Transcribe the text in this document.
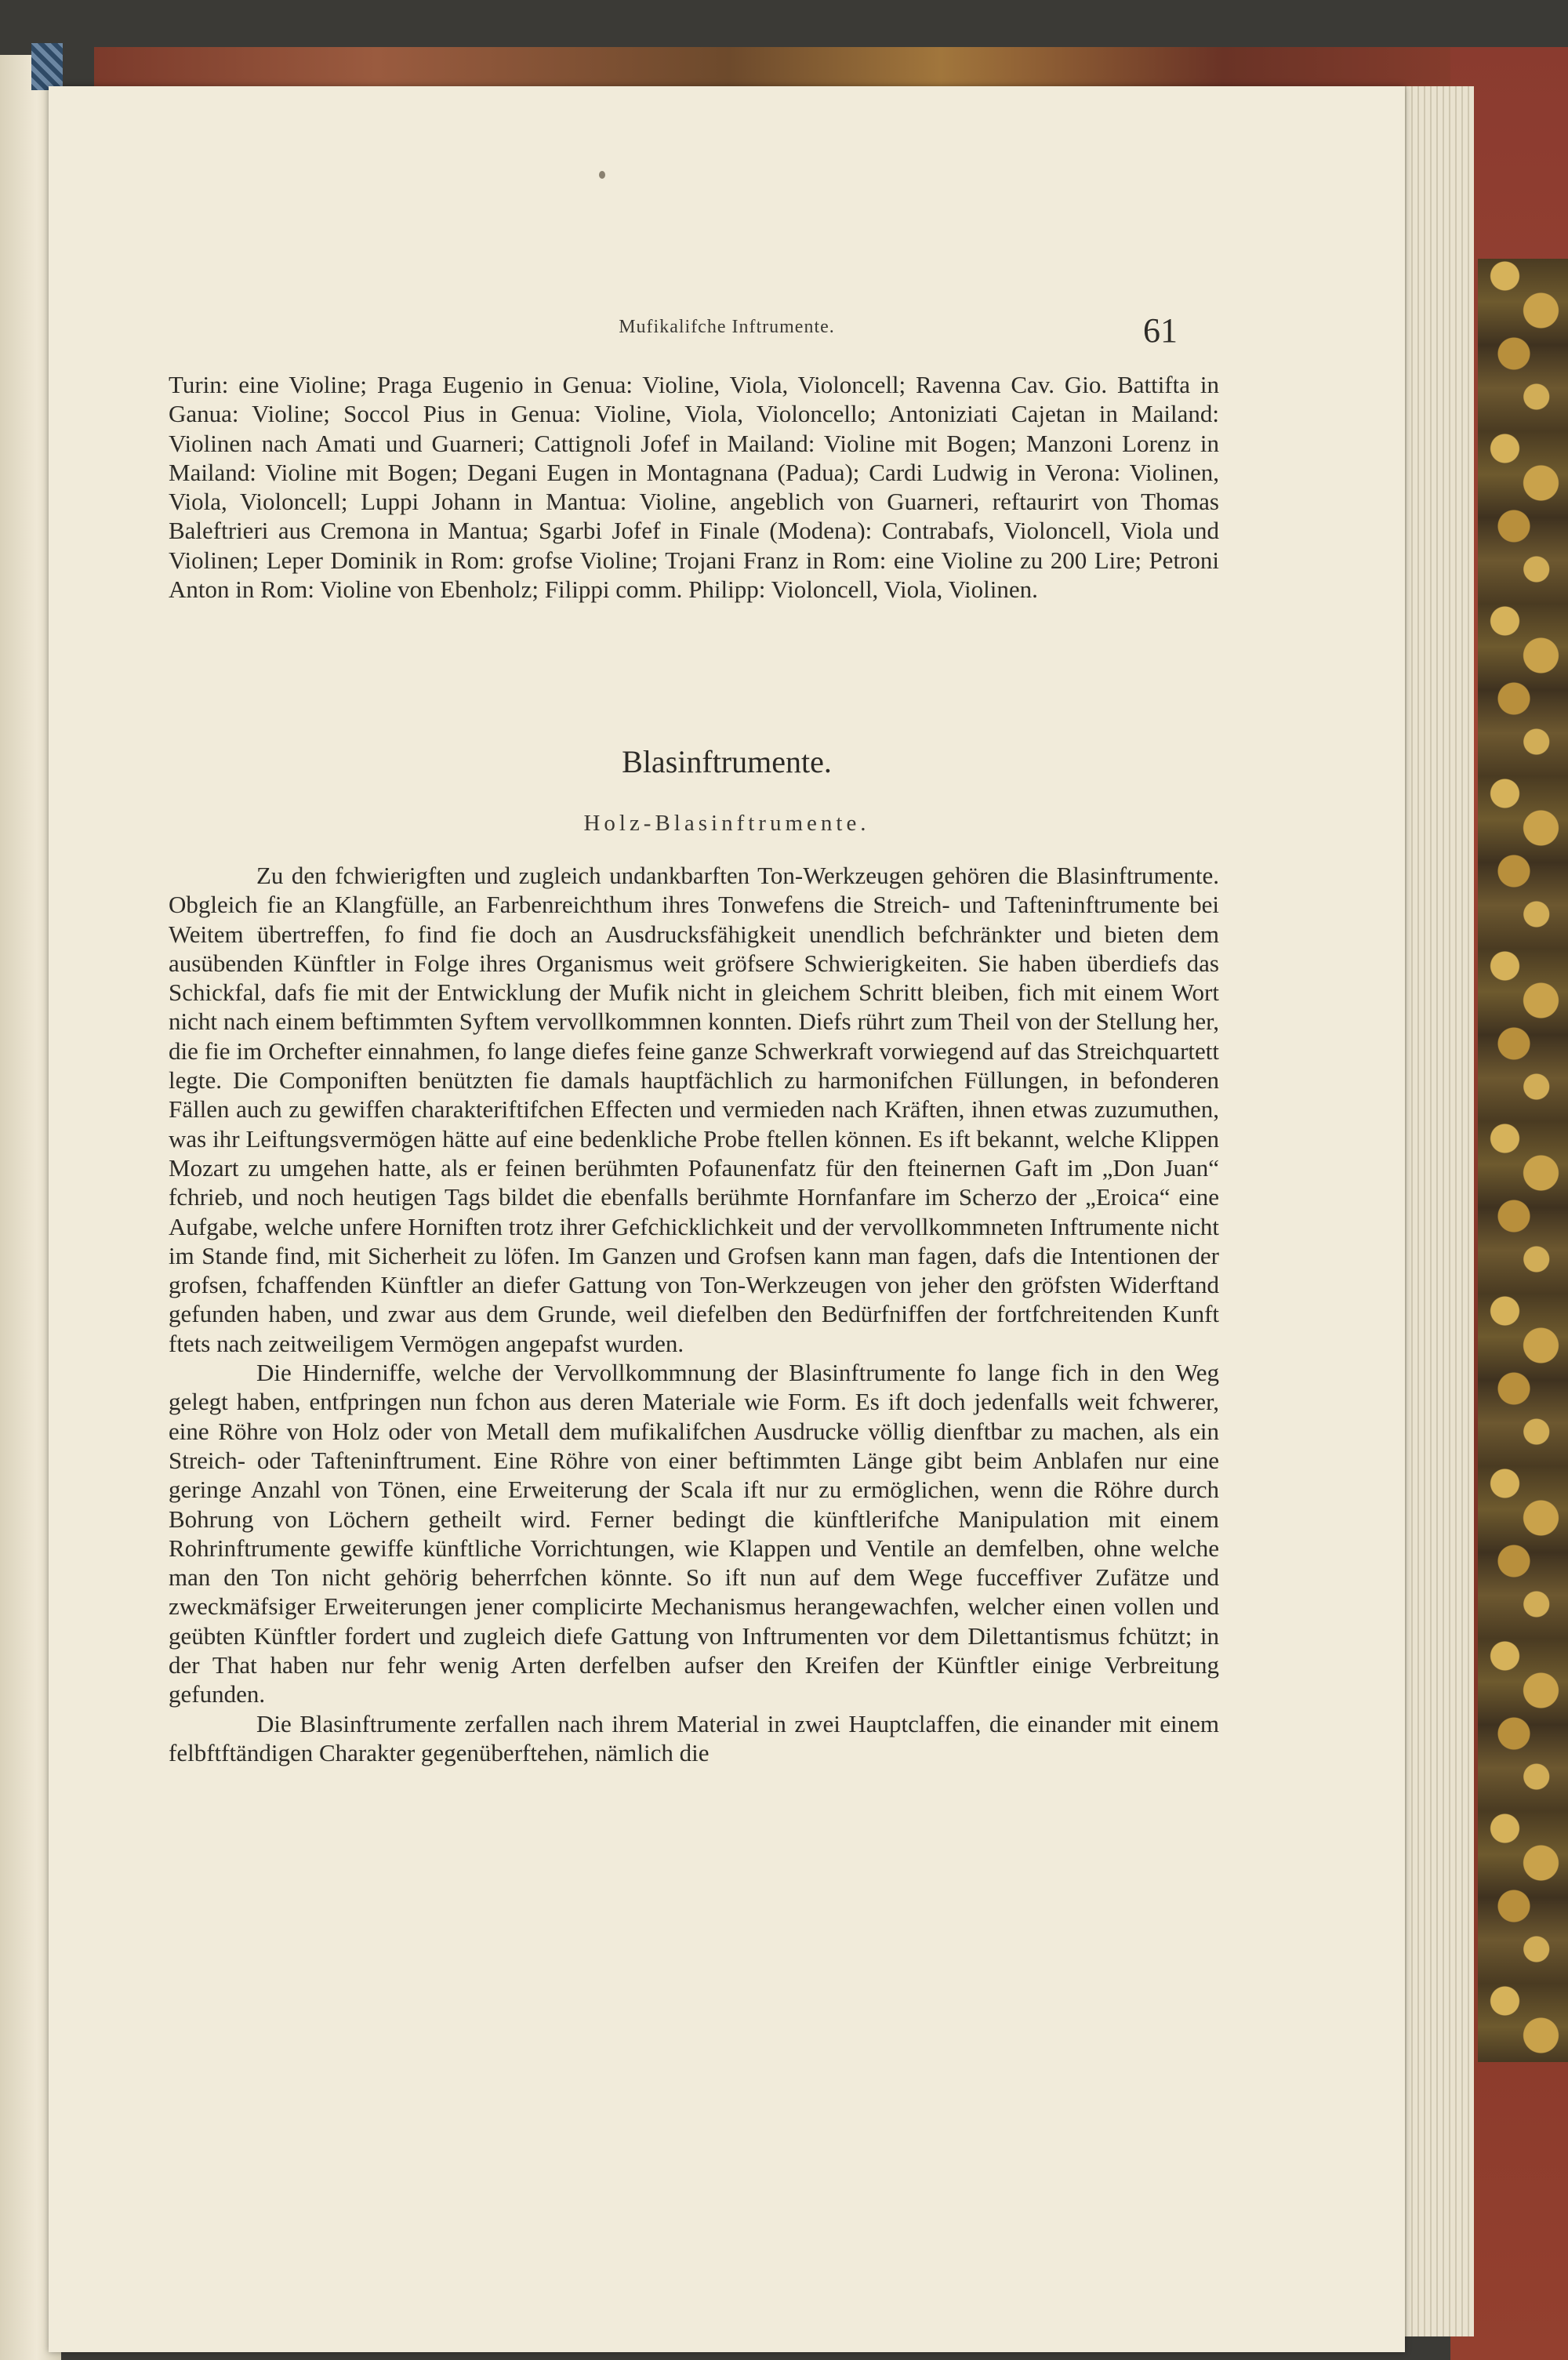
Mufikalifche Inftrumente.	61

Turin: eine Violine; Praga Eugenio in Genua: Violine, Viola, Violoncell; Ravenna Cav. Gio. Battifta in Ganua: Violine; Soccol Pius in Genua: Violine, Viola, Violoncello; Antoniziati Cajetan in Mailand: Violinen nach Amati und Guarneri; Cattignoli Jofef in Mailand: Violine mit Bogen; Manzoni Lorenz in Mailand: Violine mit Bogen; Degani Eugen in Montagnana (Padua); Cardi Ludwig in Verona: Violinen, Viola, Violoncell; Luppi Johann in Mantua: Violine, angeblich von Guarneri, reftaurirt von Thomas Baleftrieri aus Cremona in Mantua; Sgarbi Jofef in Finale (Modena): Contrabafs, Violoncell, Viola und Violinen; Leper Dominik in Rom: grofse Violine; Trojani Franz in Rom: eine Violine zu 200 Lire; Petroni Anton in Rom: Violine von Ebenholz; Filippi comm. Philipp: Violoncell, Viola, Violinen.

Blasinftrumente.
Holz-Blasinftrumente.

Zu den fchwierigften und zugleich undankbarften Ton-Werkzeugen gehören die Blasinftrumente. Obgleich fie an Klangfülle, an Farbenreichthum ihres Tonwefens die Streich- und Tafteninftrumente bei Weitem übertreffen, fo find fie doch an Ausdrucksfähigkeit unendlich befchränkter und bieten dem ausübenden Künftler in Folge ihres Organismus weit gröfsere Schwierigkeiten. Sie haben überdiefs das Schickfal, dafs fie mit der Entwicklung der Mufik nicht in gleichem Schritt bleiben, fich mit einem Wort nicht nach einem beftimmten Syftem vervollkommnen konnten. Diefs rührt zum Theil von der Stellung her, die fie im Orchefter einnahmen, fo lange diefes feine ganze Schwerkraft vorwiegend auf das Streichquartett legte. Die Componiften benützten fie damals hauptfächlich zu harmonifchen Füllungen, in befonderen Fällen auch zu gewiffen charakteriftifchen Effecten und vermieden nach Kräften, ihnen etwas zuzumuthen, was ihr Leiftungsvermögen hätte auf eine bedenkliche Probe ftellen können. Es ift bekannt, welche Klippen Mozart zu umgehen hatte, als er feinen berühmten Pofaunenfatz für den fteinernen Gaft im „Don Juan“ fchrieb, und noch heutigen Tags bildet die ebenfalls berühmte Hornfanfare im Scherzo der „Eroica“ eine Aufgabe, welche unfere Horniften trotz ihrer Gefchicklichkeit und der vervollkommneten Inftrumente nicht im Stande find, mit Sicherheit zu löfen. Im Ganzen und Grofsen kann man fagen, dafs die Intentionen der grofsen, fchaffenden Künftler an diefer Gattung von Ton-Werkzeugen von jeher den gröfsten Widerftand gefunden haben, und zwar aus dem Grunde, weil diefelben den Bedürfniffen der fortfchreitenden Kunft ftets nach zeitweiligem Vermögen angepafst wurden.

Die Hinderniffe, welche der Vervollkommnung der Blasinftrumente fo lange fich in den Weg gelegt haben, entfpringen nun fchon aus deren Materiale wie Form. Es ift doch jedenfalls weit fchwerer, eine Röhre von Holz oder von Metall dem mufikalifchen Ausdrucke völlig dienftbar zu machen, als ein Streich- oder Tafteninftrument. Eine Röhre von einer beftimmten Länge gibt beim Anblafen nur eine geringe Anzahl von Tönen, eine Erweiterung der Scala ift nur zu ermöglichen, wenn die Röhre durch Bohrung von Löchern getheilt wird. Ferner bedingt die künftlerifche Manipulation mit einem Rohrinftrumente gewiffe künftliche Vorrichtungen, wie Klappen und Ventile an demfelben, ohne welche man den Ton nicht gehörig beherrfchen könnte. So ift nun auf dem Wege fucceffiver Zufätze und zweckmäfsiger Erweiterungen jener complicirte Mechanismus herangewachfen, welcher einen vollen und geübten Künftler fordert und zugleich diefe Gattung von Inftrumenten vor dem Dilettantismus fchützt; in der That haben nur fehr wenig Arten derfelben aufser den Kreifen der Künftler einige Verbreitung gefunden.

Die Blasinftrumente zerfallen nach ihrem Material in zwei Hauptclaffen, die einander mit einem felbftftändigen Charakter gegenüberftehen, nämlich die
